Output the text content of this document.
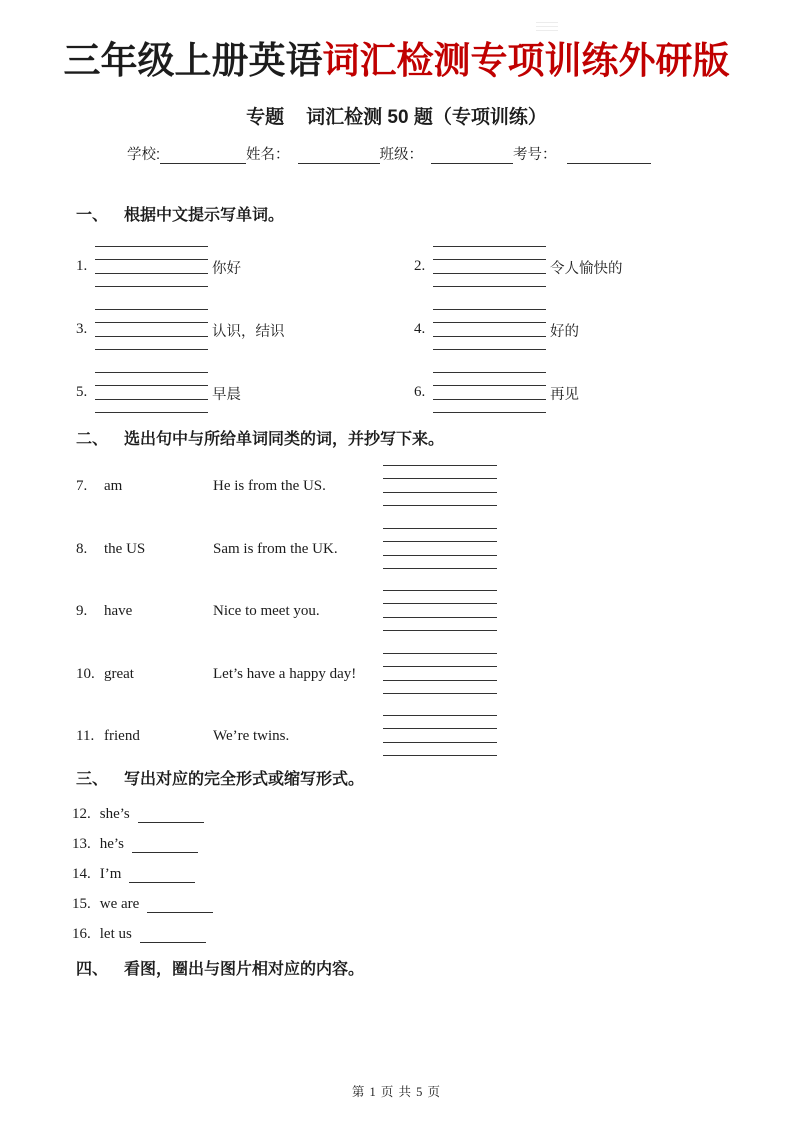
三年级上册英语词汇检测专项训练外研版
专题 词汇检测 50 题（专项训练）
学校:	姓名：	班级：	考号：
一、 根据中文提示写单词。
1.	你好	2.	令人愉快的
3.	认识，结识	4.	好的
5.	早晨	6.	再见
二、 选出句中与所给单词同类的词，并抄写下来。
7. am	He is from the US.
8. the US	Sam is from the UK.
9. have	Nice to meet you.
10. great	Let’s have a happy day!
11. friend	We’re twins.
三、 写出对应的完全形式或缩写形式。
12. she’s
13. he’s
14. I’m
15. we are
16. let us
四、 看图，圈出与图片相对应的内容。
第 1 页 共 5 页
